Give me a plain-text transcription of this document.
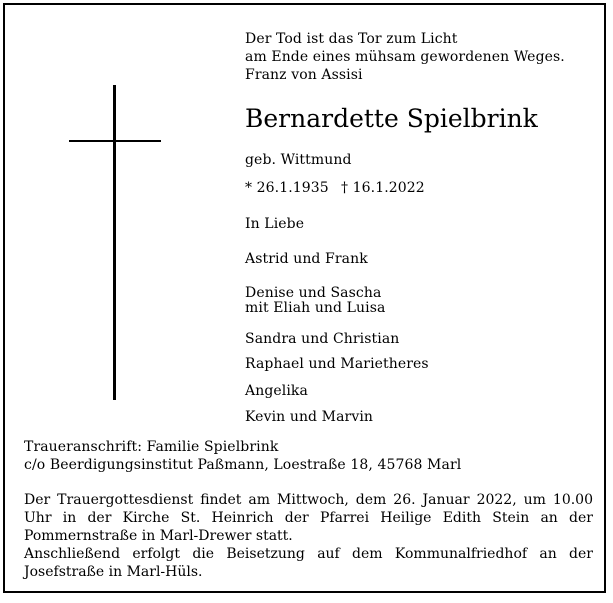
Der Tod ist das Tor zum Licht
am Ende eines mühsam gewordenen Weges.
Franz von Assisi
Bernardette Spielbrink
geb. Wittmund
* 26.1.1935 † 16.1.2022
In Liebe
Astrid und Frank
Denise und Sascha
mit Eliah und Luisa
Sandra und Christian
Raphael und Marietheres
Angelika
Kevin und Marvin
Traueranschrift: Familie Spielbrink
c/o Beerdigungsinstitut Paßmann, Loestraße 18, 45768 Marl
Der Trauergottesdienst findet am Mittwoch, dem 26. Januar 2022, um 10.00 Uhr in der Kirche St. Heinrich der Pfarrei Heilige Edith Stein an der Pommernstraße in Marl-Drewer statt.
Anschließend erfolgt die Beisetzung auf dem Kommunalfriedhof an der Josefstraße in Marl-Hüls.
